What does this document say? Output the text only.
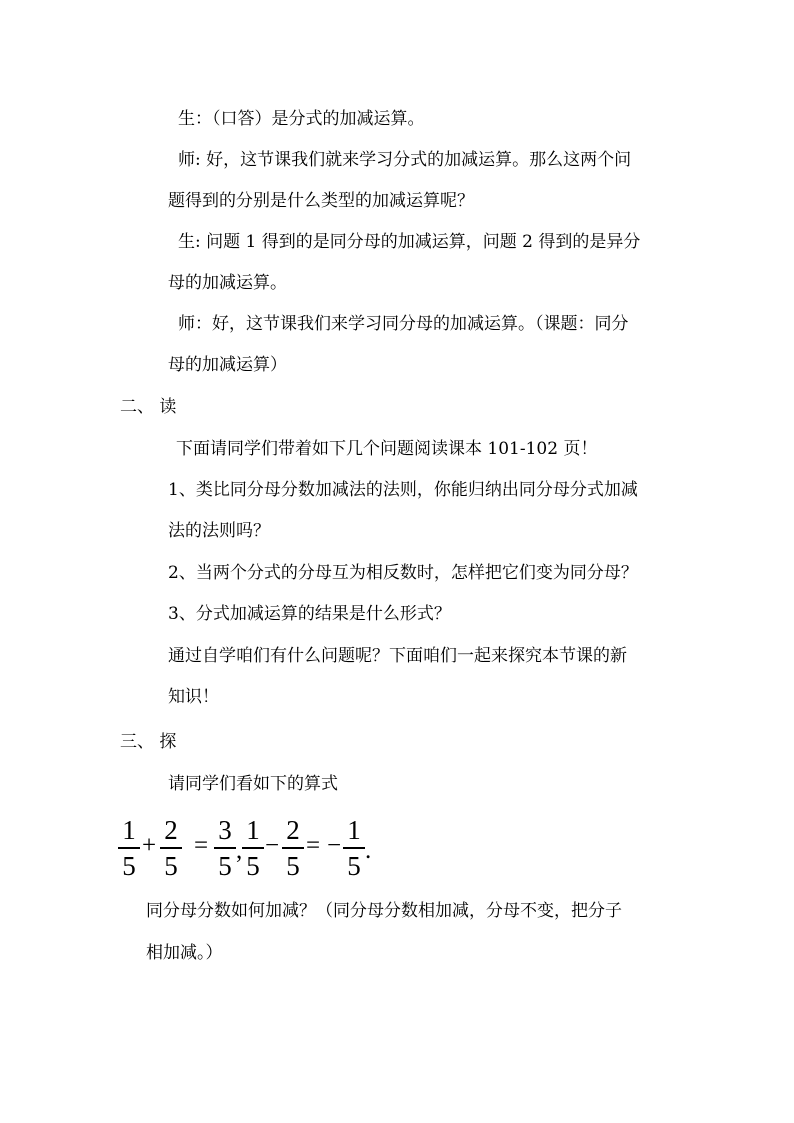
生：（口答）是分式的加减运算。
师: 好，这节课我们就来学习分式的加减运算。那么这两个问
题得到的分别是什么类型的加减运算呢？
生: 问题 1 得到的是同分母的加减运算，问题 2 得到的是异分
母的加减运算。
师：好，这节课我们来学习同分母的加减运算。（课题：同分
母的加减运算）
二、 读
下面请同学们带着如下几个问题阅读课本 101-102 页！
1、类比同分母分数加减法的法则，你能归纳出同分母分式加减
法的法则吗？
2、当两个分式的分母互为相反数时，怎样把它们变为同分母？
3、分式加减运算的结果是什么形式？
通过自学咱们有什么问题呢？下面咱们一起来探究本节课的新
知识！
三、 探
请同学们看如下的算式
1
5
+
2
5
=
3
5 ,
1
5
−
2
5
= −
1
5 .
同分母分数如何加减？（同分母分数相加减，分母不变，把分子
相加减。）
